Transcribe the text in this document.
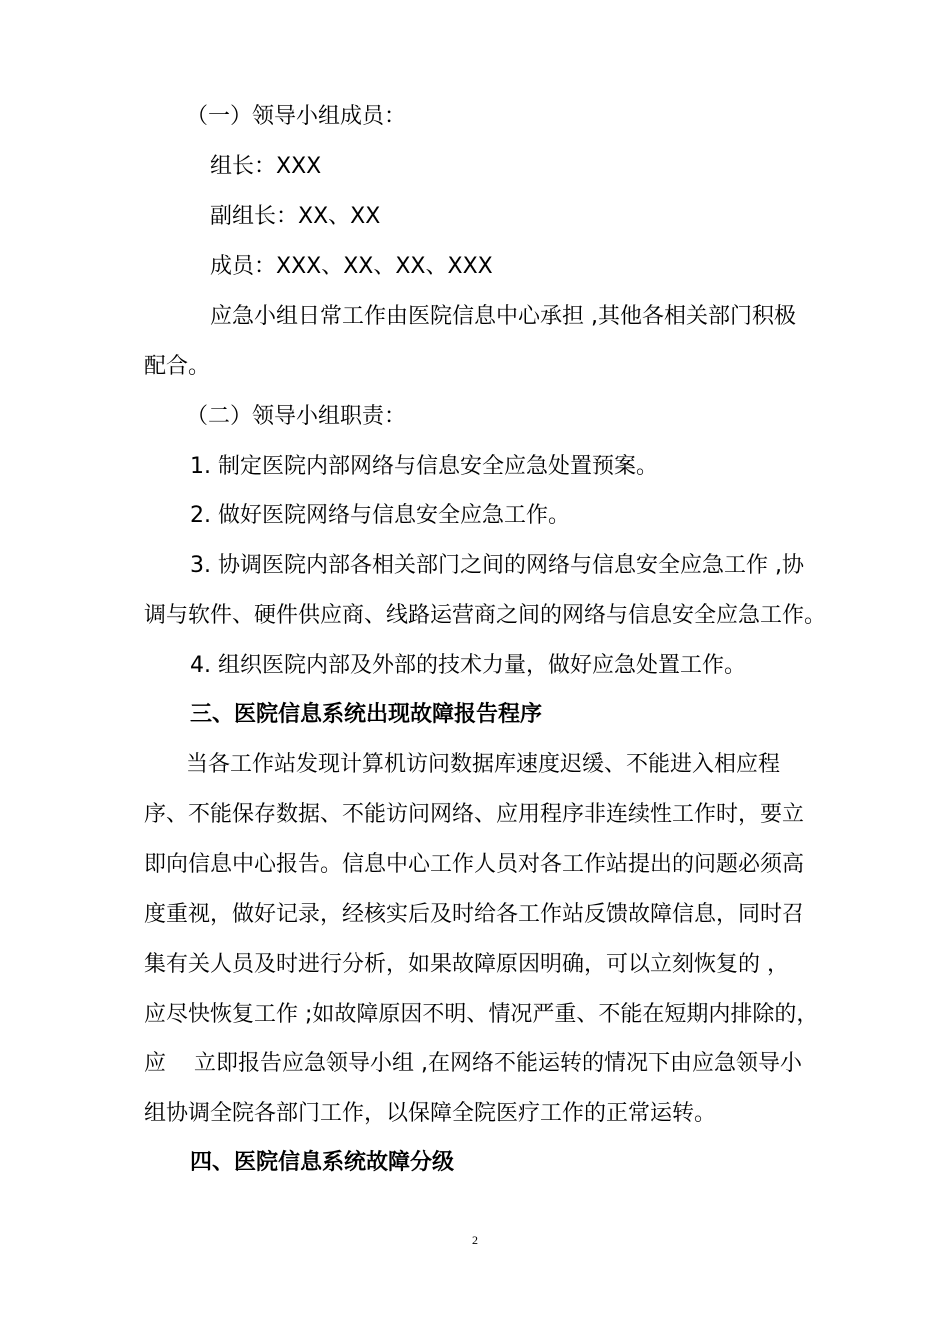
（一）领导小组成员：

组长：XXX

副组长：XX、XX

成员：XXX、XX、XX、XXX

应急小组日常工作由医院信息中心承担 ,其他各相关部门积极

配合。

（二）领导小组职责：

1. 制定医院内部网络与信息安全应急处置预案。

2. 做好医院网络与信息安全应急工作。

3. 协调医院内部各相关部门之间的网络与信息安全应急工作 ,协

调与软件、硬件供应商、线路运营商之间的网络与信息安全应急工作。

4. 组织医院内部及外部的技术力量，做好应急处置工作。

三、医院信息系统出现故障报告程序

当各工作站发现计算机访问数据库速度迟缓、不能进入相应程

序、不能保存数据、不能访问网络、应用程序非连续性工作时，要立

即向信息中心报告。信息中心工作人员对各工作站提出的问题必须高

度重视，做好记录，经核实后及时给各工作站反馈故障信息，同时召

集有关人员及时进行分析，如果故障原因明确，可以立刻恢复的 ，

应尽快恢复工作 ;如故障原因不明、情况严重、不能在短期内排除的，

应    立即报告应急领导小组 ,在网络不能运转的情况下由应急领导小

组协调全院各部门工作，以保障全院医疗工作的正常运转。

四、医院信息系统故障分级

2
